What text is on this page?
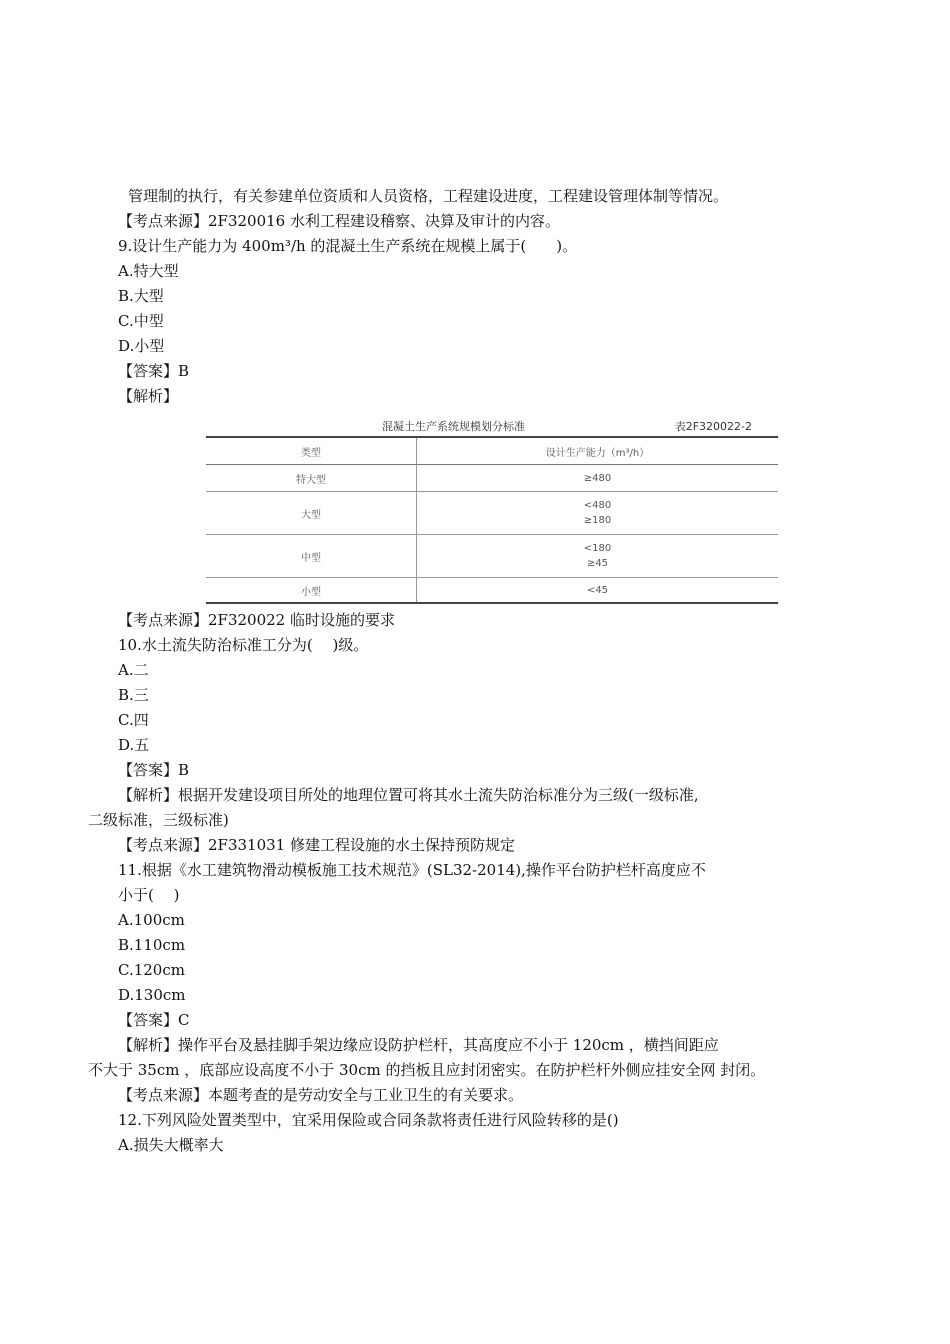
管理制的执行，有关参建单位资质和人员资格，工程建设进度，工程建设管理体制等情况。
【考点来源】2F320016 水利工程建设稽察、决算及审计的内容。
9.设计生产能力为 400m³/h 的混凝土生产系统在规模上属于(　　)。
A.特大型
B.大型
C.中型
D.小型
【答案】B
【解析】
混凝土生产系统规模划分标准	表2F320022-2
类型	设计生产能力（m³/h）
特大型	≥480

大型	<480
≥180

中型	<180
≥45

小型	<45
【考点来源】2F320022 临时设施的要求
10.水土流失防治标准工分为(　 )级。
A.二
B.三
C.四
D.五
【答案】B
【解析】根据开发建设项目所处的地理位置可将其水土流失防治标准分为三级(一级标准,
二级标准，三级标准)
【考点来源】2F331031 修建工程设施的水土保持预防规定
11.根据《水工建筑物滑动模板施工技术规范》(SL32-2014),操作平台防护栏杆高度应不
小于(　 )
A.100cm
B.110cm
C.120cm
D.130cm
【答案】C
【解析】操作平台及悬挂脚手架边缘应设防护栏杆，其高度应不小于 120cm ，横挡间距应
不大于 35cm ，底部应设高度不小于 30cm 的挡板且应封闭密实。在防护栏杆外侧应挂安全网 封闭。
【考点来源】本题考查的是劳动安全与工业卫生的有关要求。
12.下列风险处置类型中，宜采用保险或合同条款将责任进行风险转移的是()
A.损失大概率大
